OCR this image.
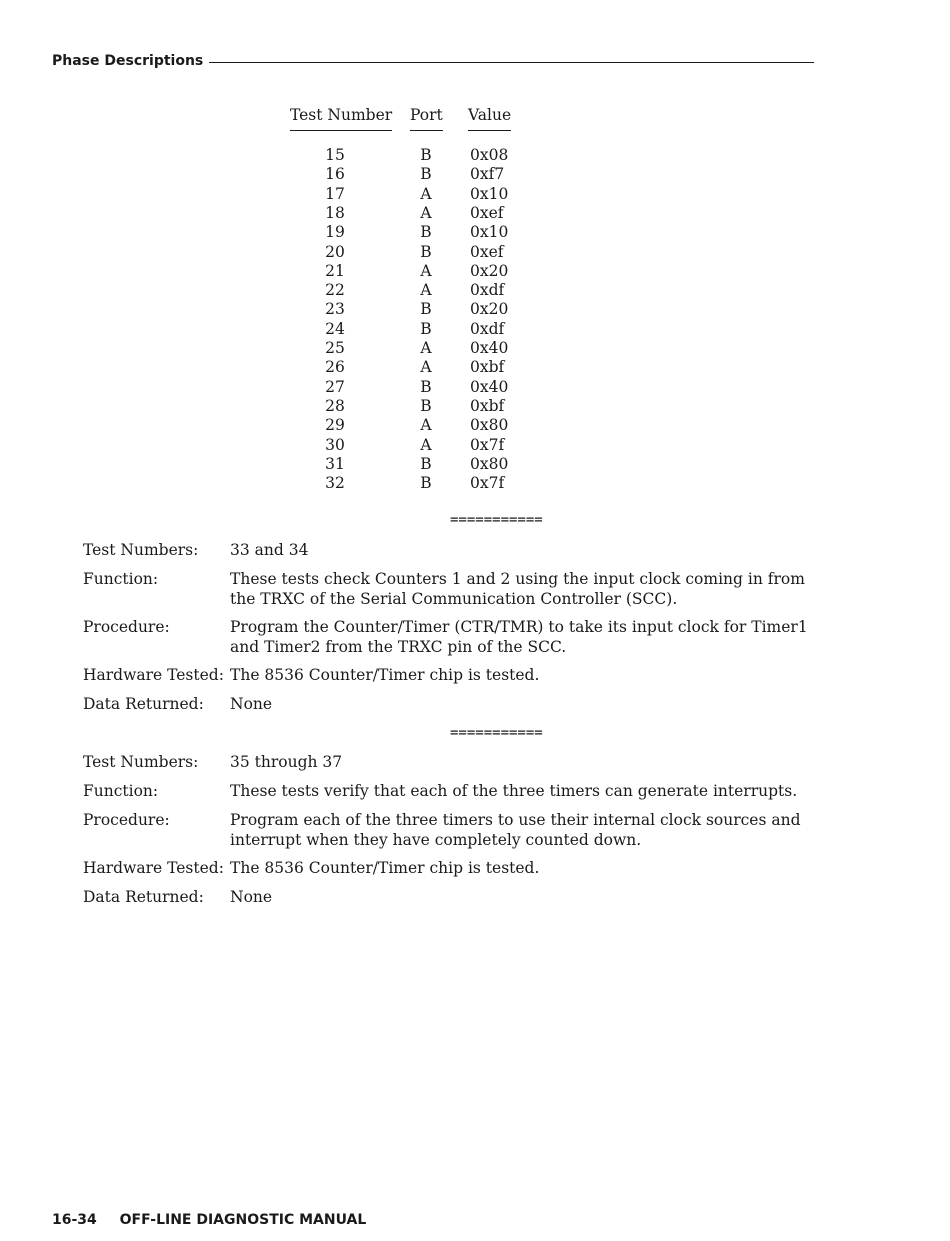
Phase Descriptions
Test Number Port Value
15	B 0x08
16	B 0xf7
17	A 0x10
18	A 0xef
19	B 0x10
20	B 0xef
21	A 0x20
22	A 0xdf
23	B 0x20
24	B 0xdf
25	A 0x40
26	A 0xbf
27	B 0x40
28	B 0xbf
29	A 0x80
30	A 0x7f
31	B 0x80
32	B 0x7f
===========
Test Numbers: 33 and 34
Function:	These tests check Counters 1 and 2 using the input clock coming in from the TRXC of the Serial Communication Controller (SCC).
Procedure:	Program the Counter/Timer (CTR/TMR) to take its input clock for Timer1 and Timer2 from the TRXC pin of the SCC.
Hardware Tested: The 8536 Counter/Timer chip is tested.
Data Returned: None
===========
Test Numbers: 35 through 37
Function:	These tests verify that each of the three timers can generate interrupts.
Procedure:	Program each of the three timers to use their internal clock sources and interrupt when they have completely counted down.
Hardware Tested: The 8536 Counter/Timer chip is tested.
Data Returned: None
16-34 OFF-LINE DIAGNOSTIC MANUAL
